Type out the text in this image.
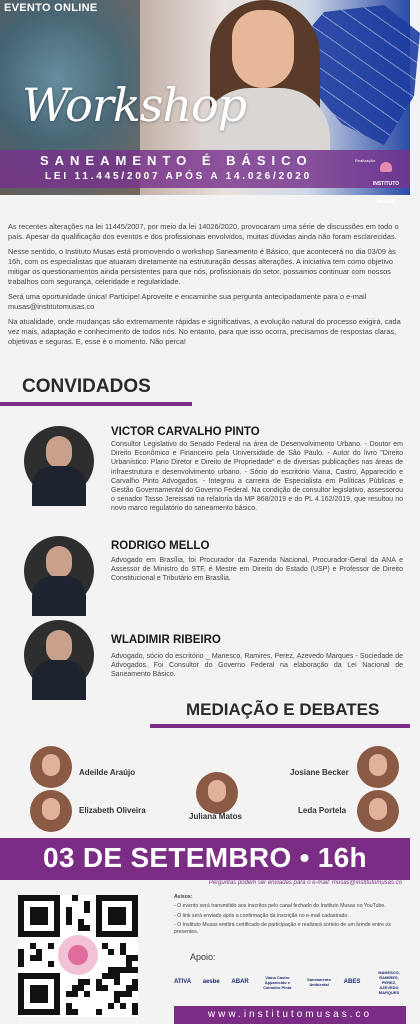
EVENTO ONLINE
Workshop
SANEAMENTO É BÁSICO
LEI 11.445/2007 APÓS A 14.026/2020
Realização:
INSTITUTO MUSAS

As recentes alterações na lei 11445/2007, por meio da lei 14026/2020, provocaram uma série de discussões em todo o país. Apesar da qualificação dos eventos e dos profissionais envolvidos, muitas dúvidas ainda não foram esclarecidas.

Nesse sentido, o Instituto Musas está promovendo o workshop Saneamento é Básico, que acontecerá no dia 03/09 às 16h, com os especialistas que atuaram diretamente na estruturação dessas alterações. A iniciativa tem como objetivo mitigar os questionamentos ainda persistentes para que nós, profissionais do setor, possamos continuar com nossos trabalhos com segurança, celeridade e regularidade.

Será uma oportunidade única! Participe! Aproveite e encaminhe sua pergunta antecipadamente para o e-mail musas@institutomusas.co

Na atualidade, onde mudanças são extremamente rápidas e significativas, a evolução natural do processo exigirá, cada vez mais, adaptação e conhecimento de todos nós. No entanto, para que isso ocorra, precisamos de respostas claras, objetivas e seguras. E, esse é o momento. Não perca!

CONVIDADOS
VICTOR CARVALHO PINTO
Consultor Legislativo do Senado Federal na área de Desenvolvimento Urbano. - Doutor em Direito Econômico e Financeiro pela Universidade de São Paulo. - Autor do livro "Direito Urbanístico: Plano Diretor e Direito de Propriedade" e de diversas publicações nas áreas de infraestrutura e desenvolvimento urbano. - Sócio do escritório Viana, Castro, Apparecido e Carvalho Pinto Advogados. - Integrou a carreira de Especialista em Políticas Públicas e Gestão Governamental do Governo Federal. Na condição de consultor legislativo, assessorou o senador Tasso Jereissati na relatoria da MP 868/2019 e do PL 4.162/2019, que resultou no novo marco regulatório do saneamento básico.
RODRIGO MELLO
Advogado em Brasília, foi Procurador da Fazenda Nacional, Procurador-Geral da ANA e Assessor de Ministro do STF, é Mestre em Direito do Estado (USP) e Professor de Direito Constitucional e Tributário em Brasília.
WLADIMIR RIBEIRO
Advogado, sócio do escritório _ Manesco, Ramires, Perez, Azevedo Marques - Sociedade de Advogados. Foi Consultor do Governo Federal na elaboração da Lei Nacional de Saneamento Básico.
MEDIAÇÃO E DEBATES
Adeilde Araújo	Josiane Becker
Elizabeth Oliveira
Juliana Matos
Leda Portela
03 DE SETEMBRO • 16h
Perguntas podem ser enviadas para o e-mail: musas@institutomusas.co
Avisos:
- O evento será transmitido aos inscritos pelo canal fechado do Instituto Musas no YouTube.
- O link será enviado após a confirmação da inscrição no e-mail cadastrado.
- O Instituto Musas emitirá certificado de participação e realizará sorteio de um brinde entre os presentes.
Apoio:
ATIVA aesbe ABAR
Viana Castro Apparecido e Carvalho Pinto
Saneamento Ambiental	ABES
MANESCO, RAMIRES, PEREZ, AZEVEDO MARQUES
www.institutomusas.co
